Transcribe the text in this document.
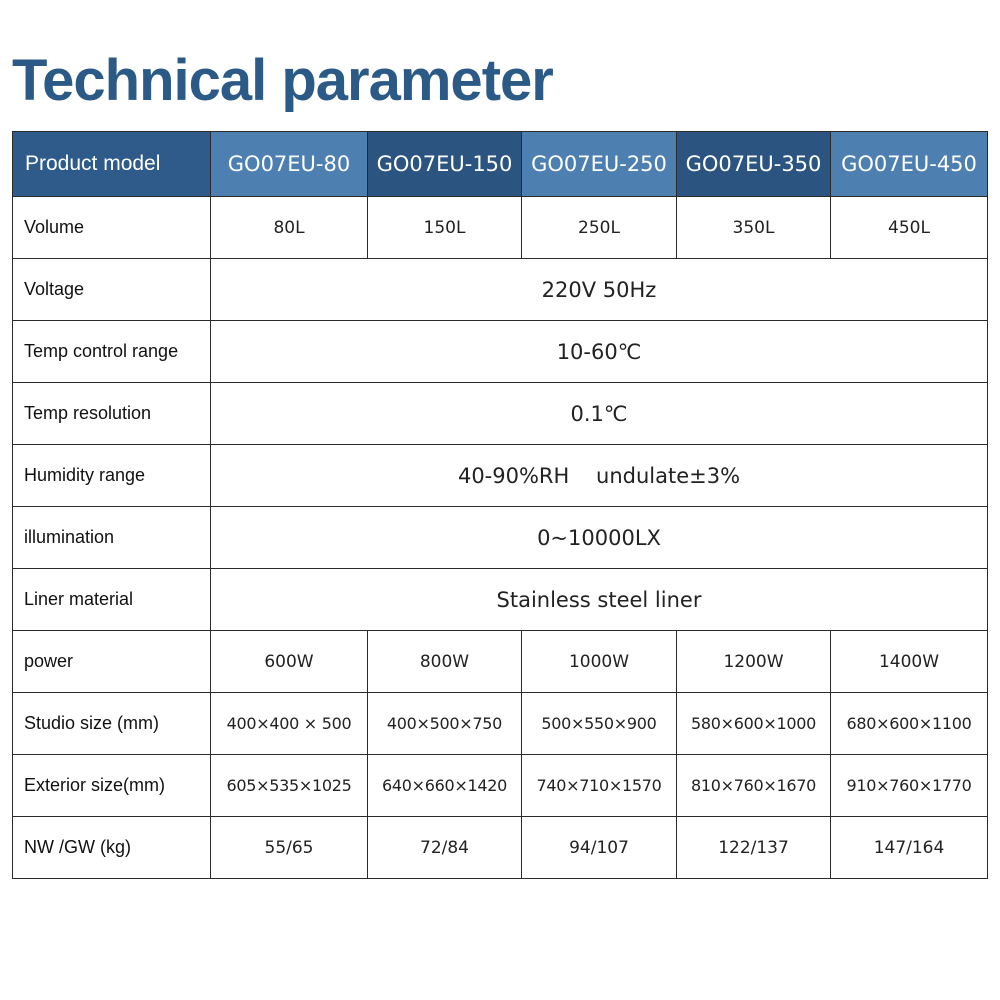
Technical parameter
Product model	GO07EU-80	GO07EU-150	GO07EU-250	GO07EU-350	GO07EU-450
Volume	80L	150L	250L	350L	450L
Voltage	220V 50Hz				
Temp control range	10-60℃				
Temp resolution	0.1℃				
Humidity range	40-90%RH    undulate±3%				
illumination	0~10000LX				
Liner material	Stainless steel liner				
power	600W	800W	1000W	1200W	1400W
Studio size (mm)	400×400 × 500	400×500×750	500×550×900	580×600×1000	680×600×1100
Exterior size(mm)	605×535×1025	640×660×1420	740×710×1570	810×760×1670	910×760×1770
NW /GW (kg)	55/65	72/84	94/107	122/137	147/164
